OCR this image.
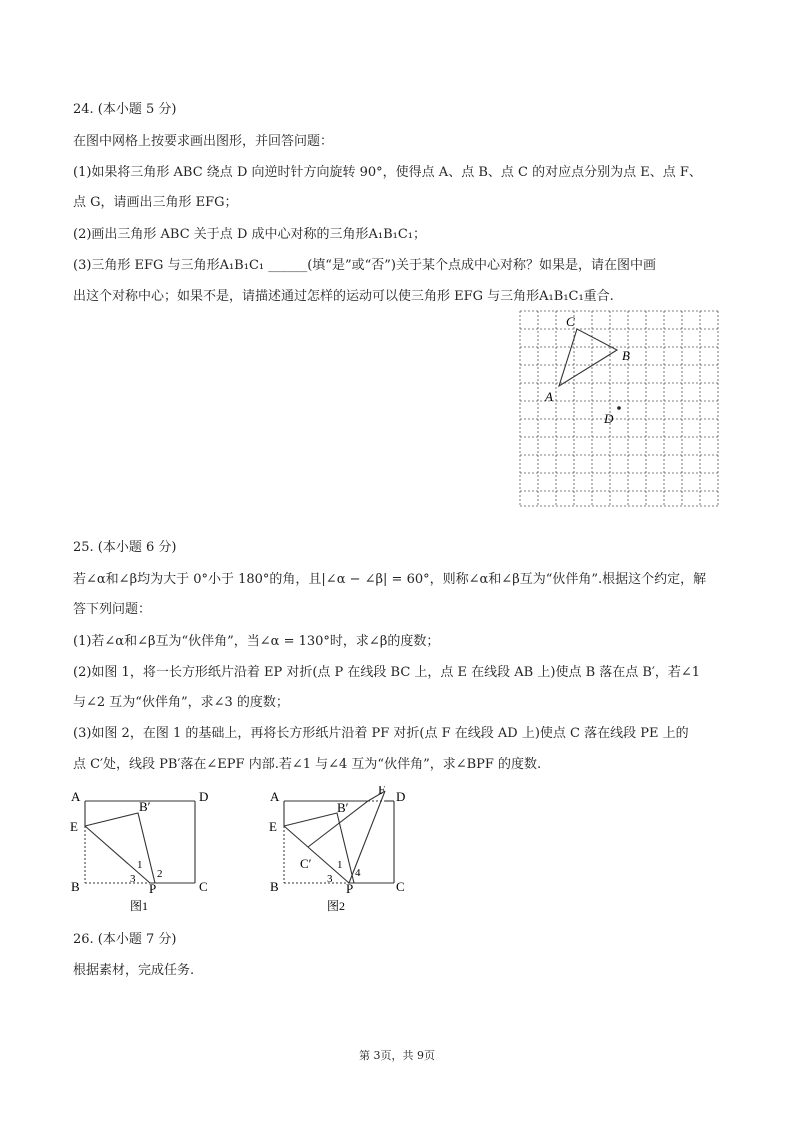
24. (本小题 5 分)
在图中网格上按要求画出图形，并回答问题：
(1)如果将三角形 ABC 绕点 D 向逆时针方向旋转 90°，使得点 A、点 B、点 C 的对应点分别为点 E、点 F、
点 G，请画出三角形 EFG；
(2)画出三角形 ABC 关于点 D 成中心对称的三角形A₁B₁C₁；
(3)三角形 EFG 与三角形A₁B₁C₁ ______(填“是”或“否”)关于某个点成中心对称？如果是，请在图中画
出这个对称中心；如果不是，请描述通过怎样的运动可以使三角形 EFG 与三角形A₁B₁C₁重合.
C
B
A
D
25. (本小题 6 分)
若∠α和∠β均为大于 0°小于 180°的角，且|∠α − ∠β| = 60°，则称∠α和∠β互为“伙伴角”.根据这个约定，解
答下列问题：
(1)若∠α和∠β互为“伙伴角”，当∠α = 130°时，求∠β的度数；
(2)如图 1，将一长方形纸片沿着 EP 对折(点 P 在线段 BC 上，点 E 在线段 AB 上)使点 B 落在点 B′，若∠1
与∠2 互为“伙伴角”，求∠3 的度数；
(3)如图 2，在图 1 的基础上，再将长方形纸片沿着 PF 对折(点 F 在线段 AD 上)使点 C 落在线段 PE 上的
点 C′处，线段 PB′落在∠EPF 内部.若∠1 与∠4 互为“伙伴角”，求∠BPF 的度数.
A	D
E
B′
1
2
3
B	P	C
图1
A	F D
E
B′
C′ 1
3 4
B	P	C
图2
26. (本小题 7 分)
根据素材，完成任务.
第 3页，共 9页
